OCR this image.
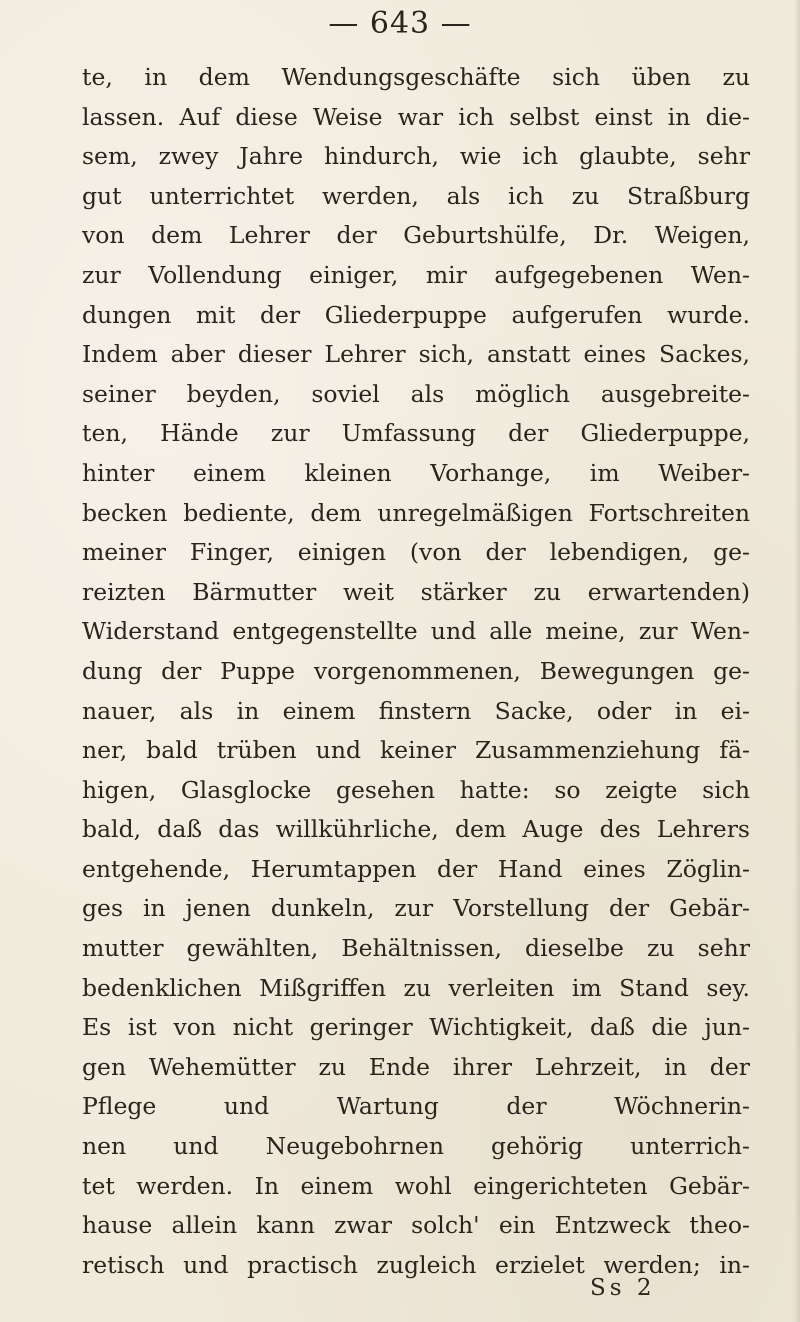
— 643 —
te, in dem Wendungsgeschäfte sich üben zu
lassen. Auf diese Weise war ich selbst einst in die-
sem, zwey Jahre hindurch, wie ich glaubte, sehr
gut unterrichtet werden, als ich zu Straßburg
von dem Lehrer der Geburtshülfe, Dr. Weigen,
zur Vollendung einiger, mir aufgegebenen Wen-
dungen mit der Gliederpuppe aufgerufen wurde.
Indem aber dieser Lehrer sich, anstatt eines Sackes,
seiner beyden, soviel als möglich ausgebreite-
ten, Hände zur Umfassung der Gliederpuppe,
hinter einem kleinen Vorhange, im Weiber-
becken bediente, dem unregelmäßigen Fortschreiten
meiner Finger, einigen (von der lebendigen, ge-
reizten Bärmutter weit stärker zu erwartenden)
Widerstand entgegenstellte und alle meine, zur Wen-
dung der Puppe vorgenommenen, Bewegungen ge-
nauer, als in einem finstern Sacke, oder in ei-
ner, bald trüben und keiner Zusammenziehung fä-
higen, Glasglocke gesehen hatte: so zeigte sich
bald, daß das willkührliche, dem Auge des Lehrers
entgehende, Herumtappen der Hand eines Zöglin-
ges in jenen dunkeln, zur Vorstellung der Gebär-
mutter gewählten, Behältnissen, dieselbe zu sehr
bedenklichen Mißgriffen zu verleiten im Stand sey.
Es ist von nicht geringer Wichtigkeit, daß die jun-
gen Wehemütter zu Ende ihrer Lehrzeit, in der
Pflege und Wartung der Wöchnerin-
nen und Neugebohrnen gehörig unterrich-
tet werden. In einem wohl eingerichteten Gebär-
hause allein kann zwar solch' ein Entzweck theo-
retisch und practisch zugleich erzielet werden; in-
Ss 2
